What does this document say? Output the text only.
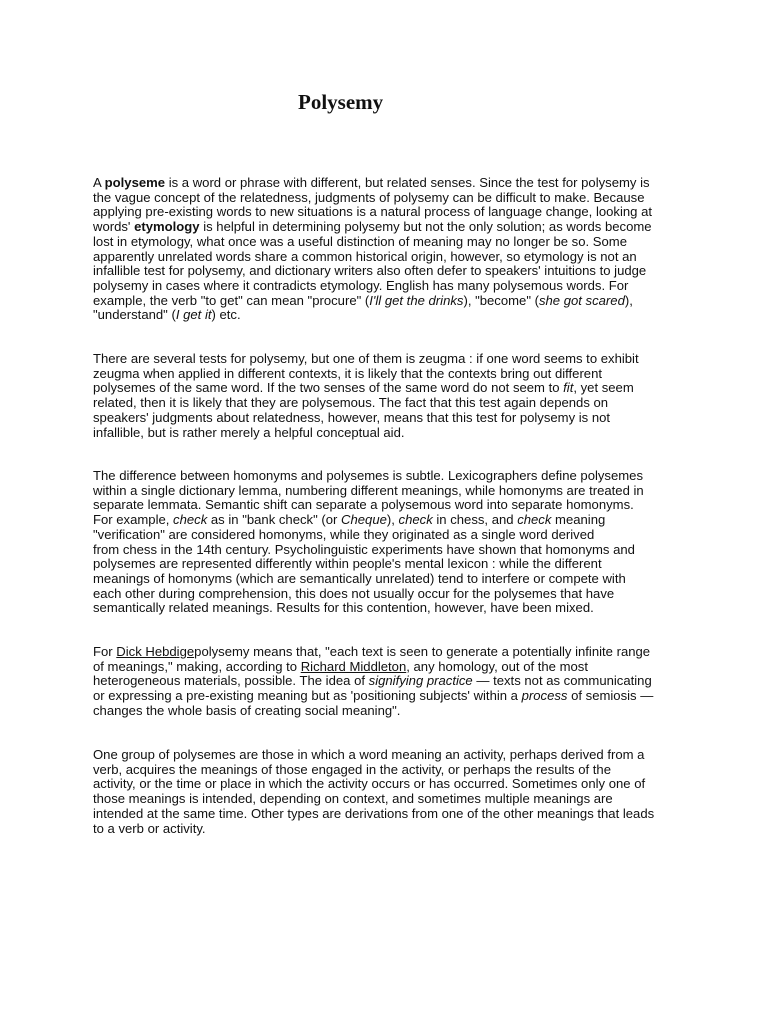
Polysemy
A polyseme is a word or phrase with different, but related senses. Since the test for polysemy is
the vague concept of the relatedness, judgments of polysemy can be difficult to make. Because
applying pre-existing words to new situations is a natural process of language change, looking at
words' etymology is helpful in determining polysemy but not the only solution; as words become
lost in etymology, what once was a useful distinction of meaning may no longer be so. Some
apparently unrelated words share a common historical origin, however, so etymology is not an
infallible test for polysemy, and dictionary writers also often defer to speakers' intuitions to judge
polysemy in cases where it contradicts etymology. English has many polysemous words. For
example, the verb "to get" can mean "procure" (I'll get the drinks), "become" (she got scared),
"understand" (I get it) etc.
There are several tests for polysemy, but one of them is zeugma : if one word seems to exhibit
zeugma when applied in different contexts, it is likely that the contexts bring out different
polysemes of the same word. If the two senses of the same word do not seem to fit, yet seem
related, then it is likely that they are polysemous. The fact that this test again depends on
speakers' judgments about relatedness, however, means that this test for polysemy is not
infallible, but is rather merely a helpful conceptual aid.
The difference between homonyms and polysemes is subtle. Lexicographers define polysemes
within a single dictionary lemma, numbering different meanings, while homonyms are treated in
separate lemmata. Semantic shift can separate a polysemous word into separate homonyms.
For example, check as in "bank check" (or Cheque), check in chess, and check meaning
"verification" are considered homonyms, while they originated as a single word derived
from chess in the 14th century. Psycholinguistic experiments have shown that homonyms and
polysemes are represented differently within people's mental lexicon : while the different
meanings of homonyms (which are semantically unrelated) tend to interfere or compete with
each other during comprehension, this does not usually occur for the polysemes that have
semantically related meanings. Results for this contention, however, have been mixed.
For Dick Hebdigepolysemy means that, "each text is seen to generate a potentially infinite range
of meanings," making, according to Richard Middleton, any homology, out of the most
heterogeneous materials, possible. The idea of signifying practice — texts not as communicating
or expressing a pre-existing meaning but as 'positioning subjects' within a process of semiosis —
changes the whole basis of creating social meaning".
One group of polysemes are those in which a word meaning an activity, perhaps derived from a
verb, acquires the meanings of those engaged in the activity, or perhaps the results of the
activity, or the time or place in which the activity occurs or has occurred. Sometimes only one of
those meanings is intended, depending on context, and sometimes multiple meanings are
intended at the same time. Other types are derivations from one of the other meanings that leads
to a verb or activity.
